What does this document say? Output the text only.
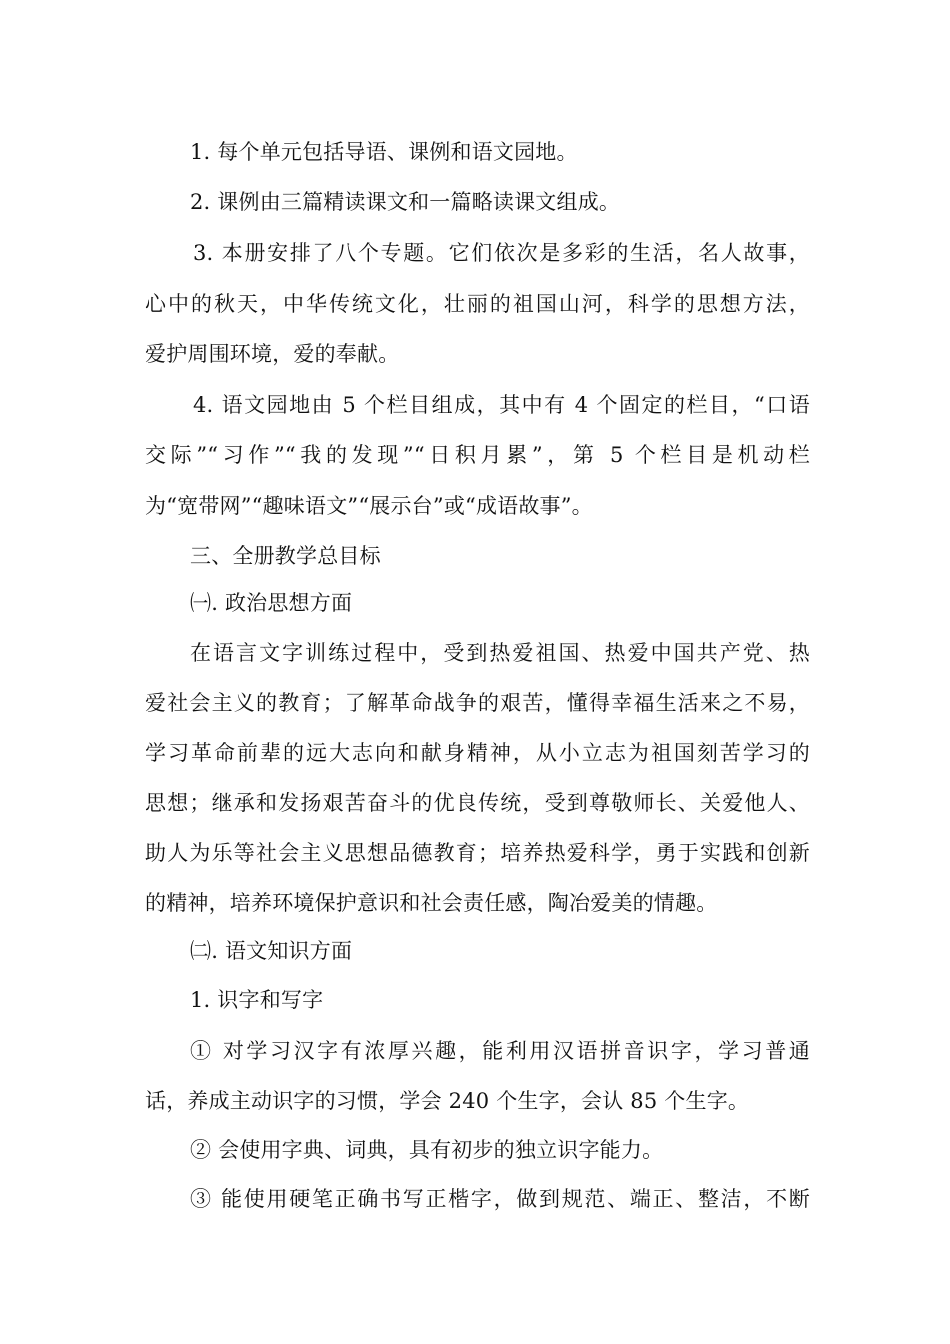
1. 每个单元包括导语、课例和语文园地。
2. 课例由三篇精读课文和一篇略读课文组成。
3. 本册安排了八个专题。它们依次是多彩的生活，名人故事，
心中的秋天，中华传统文化，壮丽的祖国山河，科学的思想方法，
爱护周围环境，爱的奉献。
4. 语文园地由 5 个栏目组成，其中有 4 个固定的栏目，“口语
交际”“习作”“我的发现”“日积月累”，第 5 个栏目是机动栏
为“宽带网”“趣味语文”“展示台”或“成语故事”。
三、全册教学总目标
㈠. 政治思想方面
在语言文字训练过程中，受到热爱祖国、热爱中国共产党、热
爱社会主义的教育；了解革命战争的艰苦，懂得幸福生活来之不易，
学习革命前辈的远大志向和献身精神，从小立志为祖国刻苦学习的
思想；继承和发扬艰苦奋斗的优良传统，受到尊敬师长、关爱他人、
助人为乐等社会主义思想品德教育；培养热爱科学，勇于实践和创新
的精神，培养环境保护意识和社会责任感，陶冶爱美的情趣。
㈡. 语文知识方面
1. 识字和写字
① 对学习汉字有浓厚兴趣，能利用汉语拼音识字，学习普通
话，养成主动识字的习惯，学会 240 个生字，会认 85 个生字。
② 会使用字典、词典，具有初步的独立识字能力。
③ 能使用硬笔正确书写正楷字，做到规范、端正、整洁，不断
